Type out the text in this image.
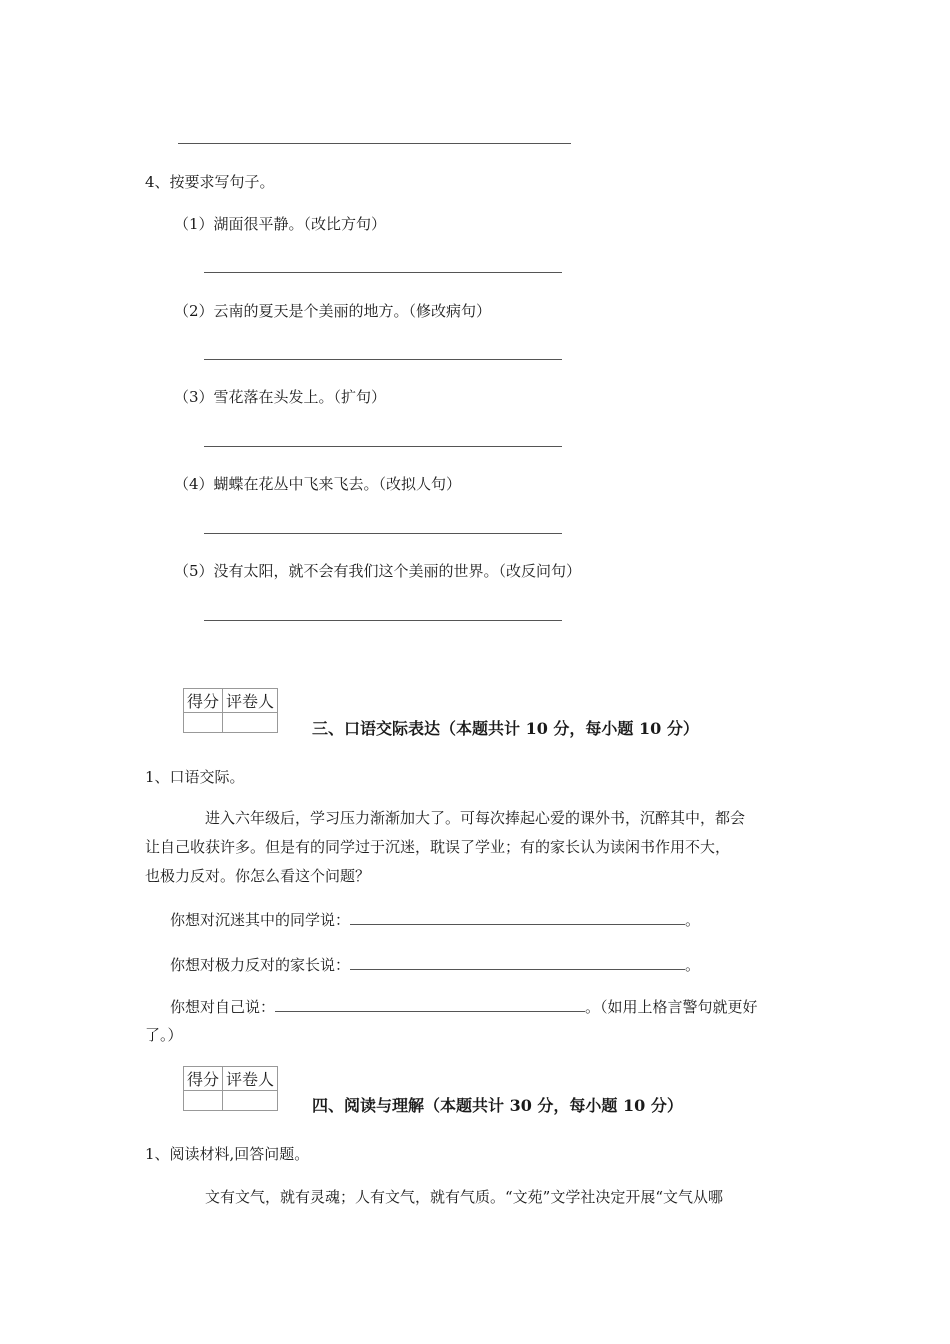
4、按要求写句子。
（1）湖面很平静。（改比方句）
（2）云南的夏天是个美丽的地方。（修改病句）
（3）雪花落在头发上。（扩句）
（4）蝴蝶在花丛中飞来飞去。（改拟人句）
（5）没有太阳，就不会有我们这个美丽的世界。（改反问句）
得分	评卷人

三、口语交际表达（本题共计 10 分，每小题 10 分）
1、口语交际。
进入六年级后，学习压力渐渐加大了。可每次捧起心爱的课外书，沉醉其中，都会
让自己收获许多。但是有的同学过于沉迷，耽误了学业；有的家长认为读闲书作用不大，
也极力反对。你怎么看这个问题？
你想对沉迷其中的同学说：	。
你想对极力反对的家长说：	。
你想对自己说：	。（如用上格言警句就更好
了。）
得分	评卷人

四、阅读与理解（本题共计 30 分，每小题 10 分）
1、阅读材料,回答问题。
文有文气，就有灵魂；人有文气，就有气质。“文苑”文学社决定开展“文气从哪
